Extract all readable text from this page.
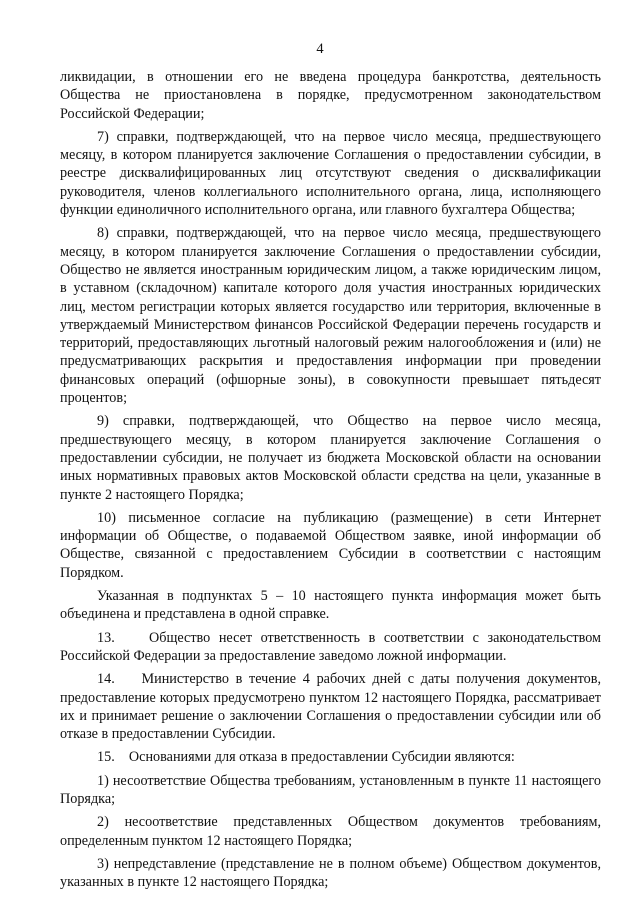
4

ликвидации, в отношении его не введена процедура банкротства, деятельность Общества не приостановлена в порядке, предусмотренном законодательством Российской Федерации;

7) справки, подтверждающей, что на первое число месяца, предшествующего месяцу, в котором планируется заключение Соглашения о предоставлении субсидии, в реестре дисквалифицированных лиц отсутствуют сведения о дисквалификации руководителя, членов коллегиального исполнительного органа, лица, исполняющего функции единоличного исполнительного органа, или главного бухгалтера Общества;

8) справки, подтверждающей, что на первое число месяца, предшествующего месяцу, в котором планируется заключение Соглашения о предоставлении субсидии, Общество не является иностранным юридическим лицом, а также юридическим лицом, в уставном (складочном) капитале которого доля участия иностранных юридических лиц, местом регистрации которых является государство или территория, включенные в утверждаемый Министерством финансов Российской Федерации перечень государств и территорий, предоставляющих льготный налоговый режим налогообложения и (или) не предусматривающих раскрытия и предоставления информации при проведении финансовых операций (офшорные зоны), в совокупности превышает пятьдесят процентов;

9) справки, подтверждающей, что Общество на первое число месяца, предшествующего месяцу, в котором планируется заключение Соглашения о предоставлении субсидии, не получает из бюджета Московской области на основании иных нормативных правовых актов Московской области средства на цели, указанные в пункте 2 настоящего Порядка;

10) письменное согласие на публикацию (размещение) в сети Интернет информации об Обществе, о подаваемой Обществом заявке, иной информации об Обществе, связанной с предоставлением Субсидии в соответствии с настоящим Порядком.

Указанная в подпунктах 5 – 10 настоящего пункта информация может быть объединена и представлена в одной справке.

13.    Общество несет ответственность в соответствии с законодательством Российской Федерации за предоставление заведомо ложной информации.

14.    Министерство в течение 4 рабочих дней с даты получения документов, предоставление которых предусмотрено пунктом 12 настоящего Порядка, рассматривает их и принимает решение о заключении Соглашения о предоставлении субсидии или об отказе в предоставлении Субсидии.

15.    Основаниями для отказа в предоставлении Субсидии являются:

1) несоответствие Общества требованиям, установленным в пункте 11 настоящего Порядка;

2) несоответствие представленных Обществом документов требованиям, определенным пунктом 12 настоящего Порядка;

3) непредставление (представление не в полном объеме) Обществом документов, указанных в пункте 12 настоящего Порядка;
